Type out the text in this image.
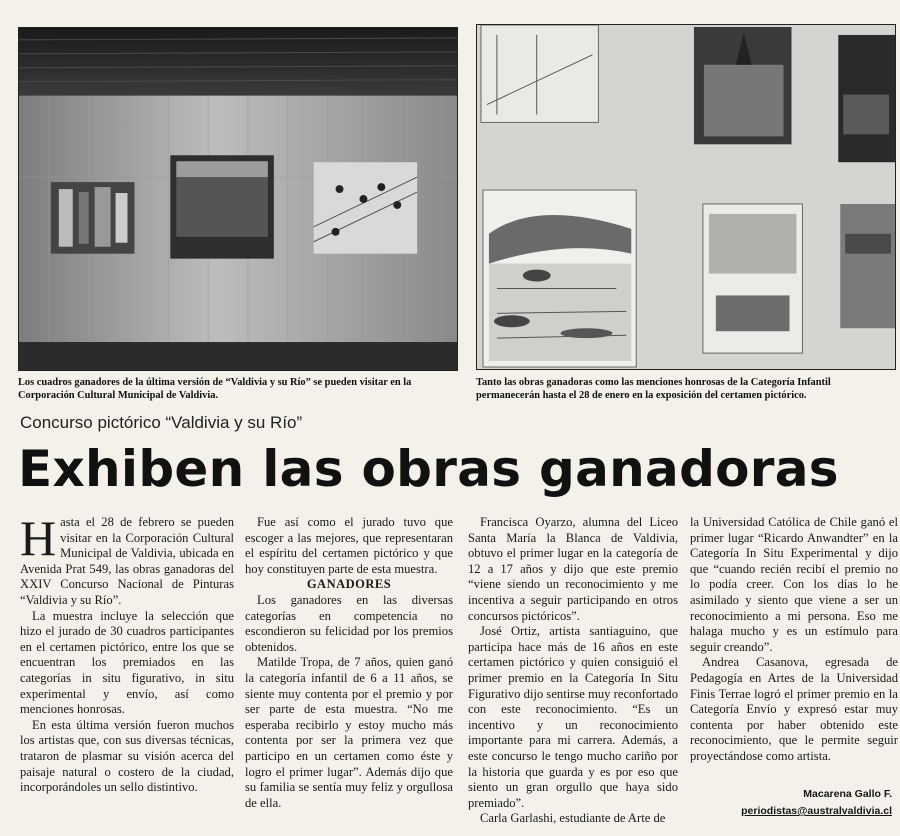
Los cuadros ganadores de la última versión de “Valdivia y su Río” se pueden visitar en la Corporación Cultural Municipal de Valdivia.
Tanto las obras ganadoras como las menciones honrosas de la Categoría Infantil permanecerán hasta el 28 de enero en la exposición del certamen pictórico.
Concurso pictórico “Valdivia y su Río”
Exhiben las obras ganadoras

Hasta el 28 de febrero se pueden visitar en la Corporación Cultural Municipal de Valdivia, ubicada en Avenida Prat 549, las obras ganadoras del XXIV Concurso Nacional de Pinturas “Valdivia y su Río”.

La muestra incluye la selección que hizo el jurado de 30 cuadros participantes en el certamen pictórico, entre los que se encuentran los premiados en las categorías in situ figurativo, in situ experimental y envío, así como menciones honrosas.

En esta última versión fueron muchos los artistas que, con sus diversas técnicas, trataron de plasmar su visión acerca del paisaje natural o costero de la ciudad, incorporándoles un sello distintivo.

Fue así como el jurado tuvo que escoger a las mejores, que representaran el espíritu del certamen pictórico y que hoy constituyen parte de esta muestra.

GANADORES

Los ganadores en las diversas categorías en competencia no escondieron su felicidad por los premios obtenidos.

Matilde Tropa, de 7 años, quien ganó la categoría infantil de 6 a 11 años, se siente muy contenta por el premio y por ser parte de esta muestra. “No me esperaba recibirlo y estoy mucho más contenta por ser la primera vez que participo en un certamen como éste y logro el primer lugar”. Además dijo que su familia se sentía muy feliz y orgullosa de ella.

Francisca Oyarzo, alumna del Liceo Santa María la Blanca de Valdivia, obtuvo el primer lugar en la categoría de 12 a 17 años y dijo que este premio “viene siendo un reconocimiento y me incentiva a seguir participando en otros concursos pictóricos”.

José Ortiz, artista santiaguino, que participa hace más de 16 años en este certamen pictórico y quien consiguió el primer premio en la Categoría In Situ Figurativo dijo sentirse muy reconfortado con este reconocimiento. “Es un incentivo y un reconocimiento importante para mi carrera. Además, a este concurso le tengo mucho cariño por la historia que guarda y es por eso que siento un gran orgullo que haya sido premiado”.

Carla Garlashi, estudiante de Arte de

la Universidad Católica de Chile ganó el primer lugar “Ricardo Anwandter” en la Categoría In Situ Experimental y dijo que “cuando recién recibí el premio no lo podía creer. Con los días lo he asimilado y siento que viene a ser un reconocimiento a mi persona. Eso me halaga mucho y es un estímulo para seguir creando”.

Andrea Casanova, egresada de Pedagogía en Artes de la Universidad Finis Terrae logró el primer premio en la Categoría Envío y expresó estar muy contenta por haber obtenido este reconocimiento, que le permite seguir proyectándose como artista.

Macarena Gallo F.
periodistas@australvaldivia.cl
